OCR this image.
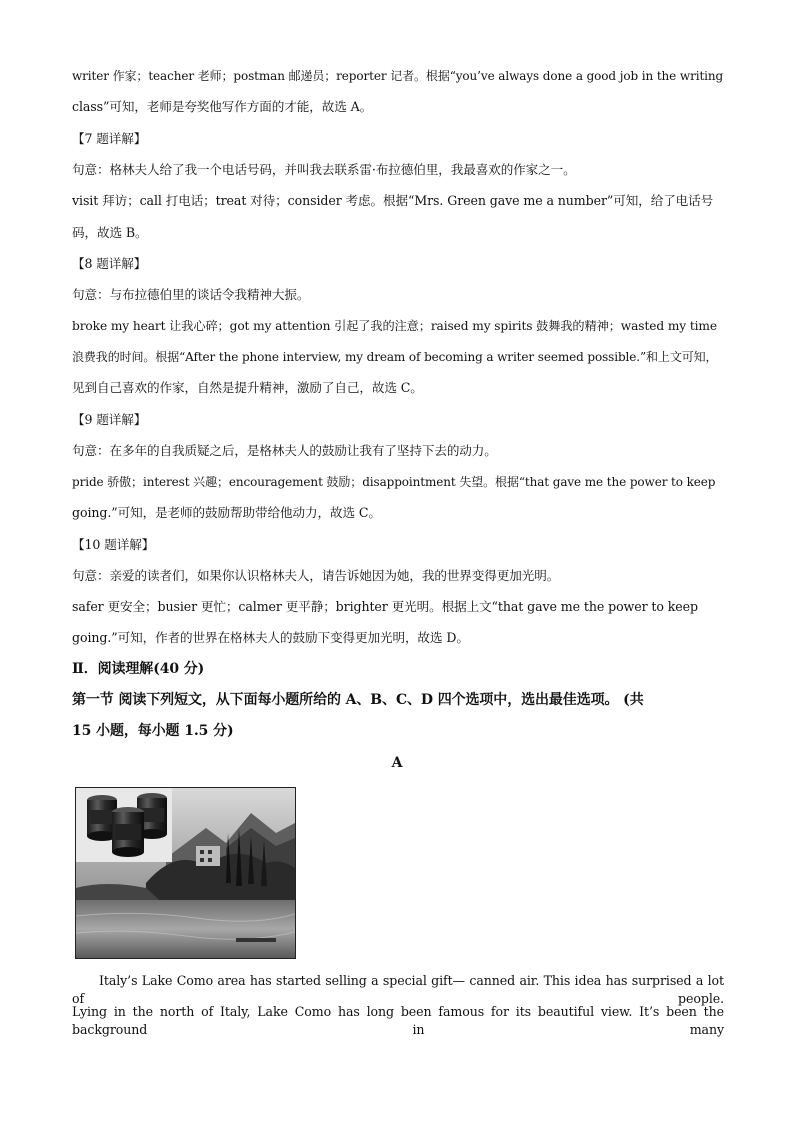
writer 作家；teacher 老师；postman 邮递员；reporter 记者。根据“you’ve always done a good job in the writing
class”可知，老师是夸奖他写作方面的才能，故选 A。
【7 题详解】
句意：格林夫人给了我一个电话号码，并叫我去联系雷·布拉德伯里，我最喜欢的作家之一。
visit 拜访；call 打电话；treat 对待；consider 考虑。根据“Mrs. Green gave me a number”可知，给了电话号
码，故选 B。
【8 题详解】
句意：与布拉德伯里的谈话令我精神大振。
broke my heart 让我心碎；got my attention 引起了我的注意；raised my spirits 鼓舞我的精神；wasted my time
浪费我的时间。根据“After the phone interview, my dream of becoming a writer seemed possible.”和上文可知，
见到自己喜欢的作家，自然是提升精神，激励了自己，故选 C。
【9 题详解】
句意：在多年的自我质疑之后，是格林夫人的鼓励让我有了坚持下去的动力。
pride 骄傲；interest 兴趣；encouragement 鼓励；disappointment 失望。根据“that gave me the power to keep
going.”可知，是老师的鼓励帮助带给他动力，故选 C。
【10 题详解】
句意：亲爱的读者们，如果你认识格林夫人，请告诉她因为她，我的世界变得更加光明。
safer 更安全；busier 更忙；calmer 更平静；brighter 更光明。根据上文“that gave me the power to keep
going.”可知，作者的世界在格林夫人的鼓励下变得更加光明，故选 D。
Ⅱ．阅读理解(40 分)
第一节 阅读下列短文，从下面每小题所给的 A、B、C、D 四个选项中，选出最佳选项。 (共
15 小题，每小题 1.5 分)
A
Italy’s Lake Como area has started selling a special gift— canned air. This idea has surprised a lot of people.
Lying in the north of Italy, Lake Como has long been famous for its beautiful view. It’s been the background in many
